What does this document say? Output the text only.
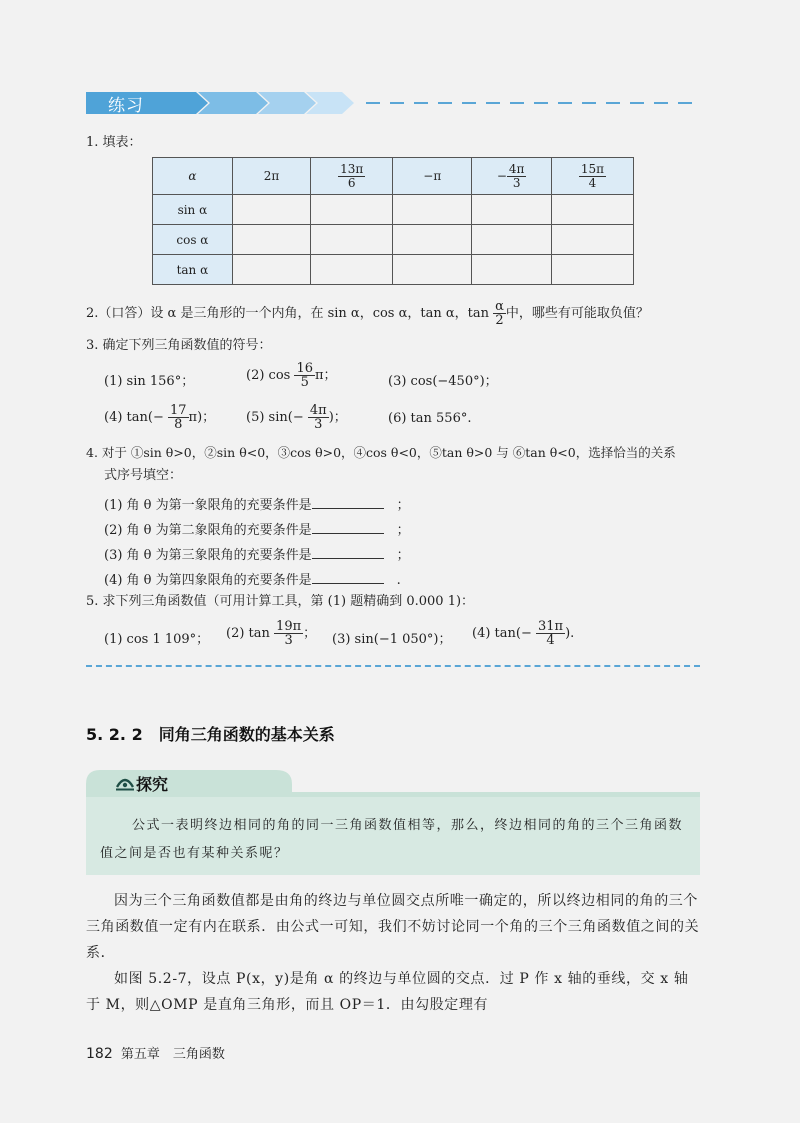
练习
1. 填表：
α	2π	$\frac{13\pi}{6}$	−π	− $\frac{4\pi}{3}$	$\frac{15\pi}{4}$

sin α					
cos α					
tan α					
2.（口答）设 α 是三角形的一个内角，在 sin α，cos α，tan α，$\tan \frac{\alpha}{2}$ 中，哪些有可能取负值？
3. 确定下列三角函数值的符号：
(1) sin 156°；	(2) $\cos \frac{16}{5}$ π；	(3) cos(−450°)；
(4) $\tan(- \frac{17}{8} \pi)$； (5) $\sin(- \frac{4\pi}{3}$ )；	(6) tan 556°.
4. 对于 ①sin θ>0，②sin θ<0，③cos θ>0，④cos θ<0，⑤tan θ>0 与 ⑥tan θ<0，选择恰当的关系
式序号填空：
(1) 角 θ 为第一象限角的充要条件是　	；
(2) 角 θ 为第二象限角的充要条件是　	；
(3) 角 θ 为第三象限角的充要条件是　	；
(4) 角 θ 为第四象限角的充要条件是　	.
5. 求下列三角函数值（可用计算工具，第 (1) 题精确到 0.000 1)：
(1) cos 1 109°； (2) $\tan \frac{19\pi}{3}$ ； (3) sin(−1 050°)； (4) $\tan(- \frac{31\pi}{4}$ ).
5. 2. 2　同角三角函数的基本关系
探究
公式一表明终边相同的角的同一三角函数值相等，那么，终边相同的角的三个三角函数值之间是否也有某种关系呢？
因为三个三角函数值都是由角的终边与单位圆交点所唯一确定的，所以终边相同的角的三个三角函数值一定有内在联系．由公式一可知，我们不妨讨论同一个角的三个三角函数值之间的关系．
如图 5.2-7，设点 P(x，y)是角 α 的终边与单位圆的交点．过 P 作 x 轴的垂线，交 x 轴于 M，则△OMP 是直角三角形，而且 OP＝1．由勾股定理有
182 第五章　三角函数
